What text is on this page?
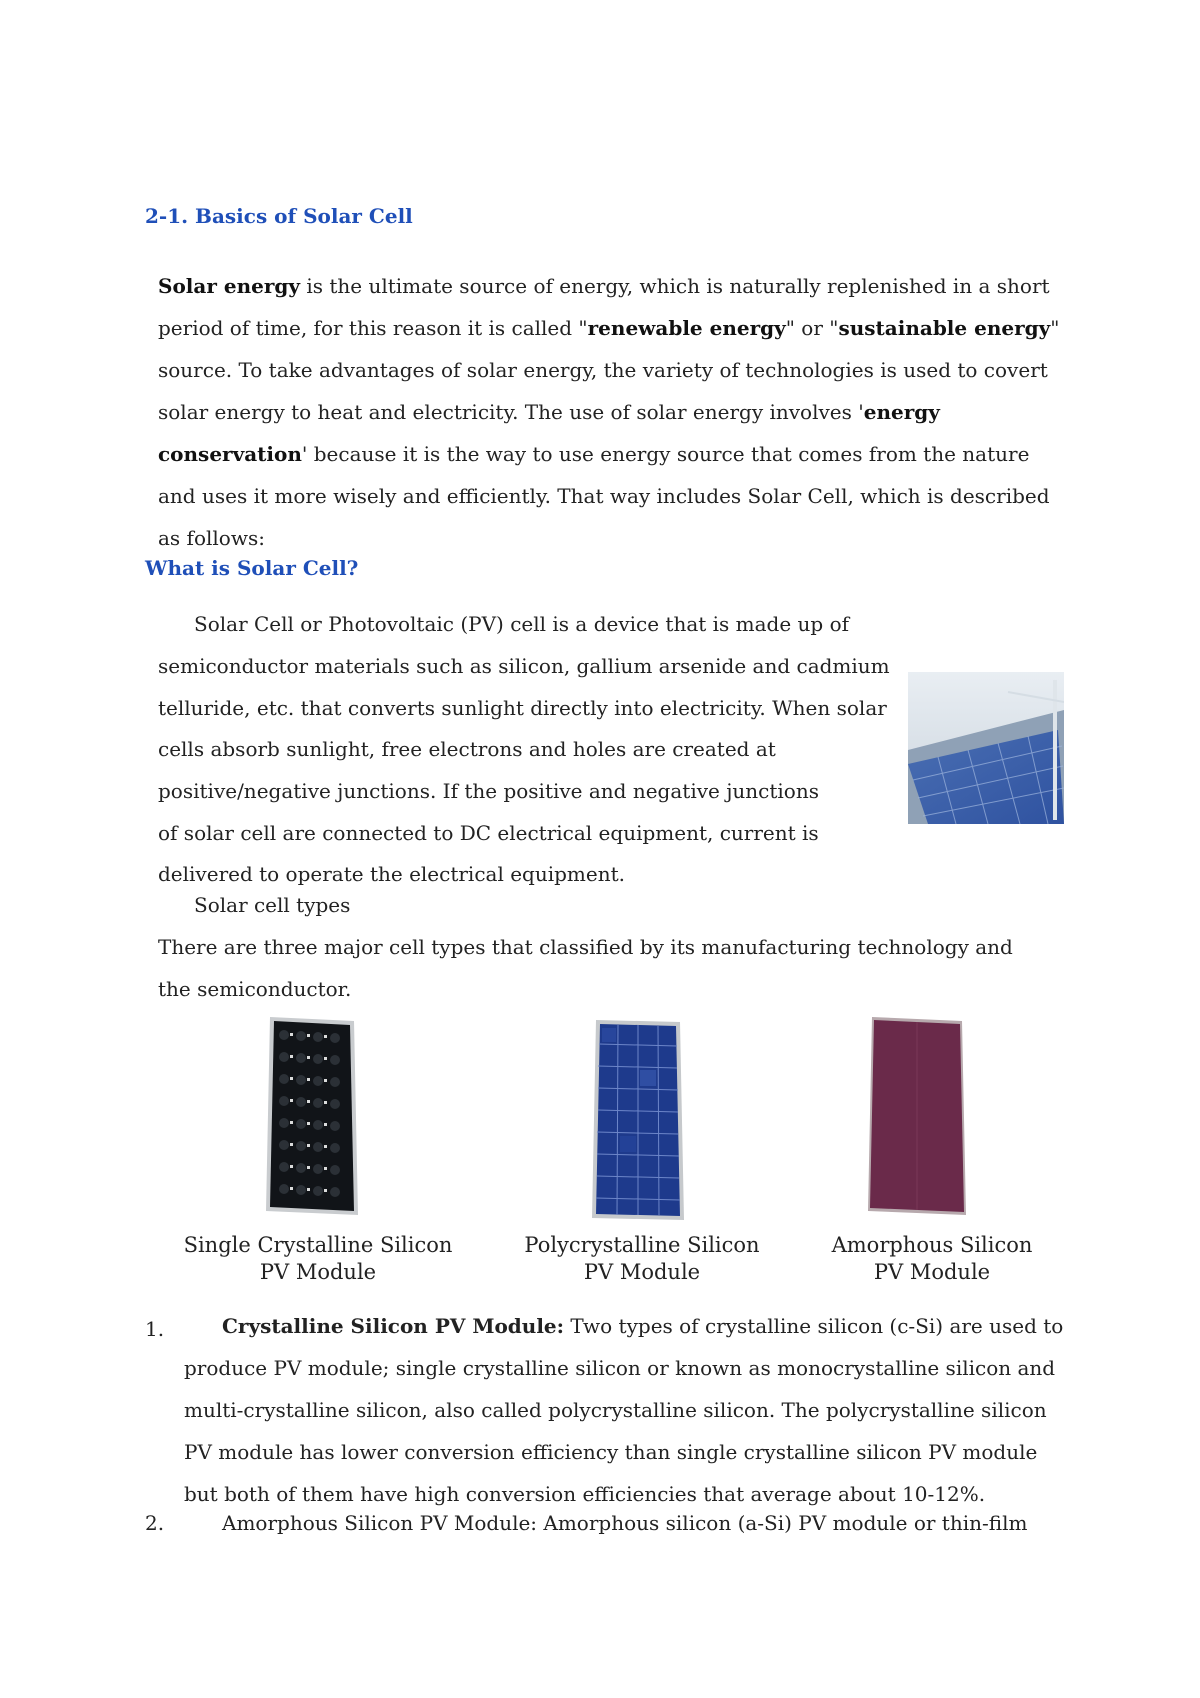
2-1. Basics of Solar Cell

Solar energy is the ultimate source of energy, which is naturally replenished in a short period of time, for this reason it is called "renewable energy" or "sustainable energy" source. To take advantages of solar energy, the variety of technologies is used to covert solar energy to heat and electricity. The use of solar energy involves 'energy conservation' because it is the way to use energy source that comes from the nature and uses it more wisely and efficiently. That way includes Solar Cell, which is described as follows:

What is Solar Cell?
Solar Cell or Photovoltaic (PV) cell is a device that is made up of
semiconductor materials such as silicon, gallium arsenide and cadmium
telluride, etc. that converts sunlight directly into electricity. When solar
cells absorb sunlight, free electrons and holes are created at
positive/negative junctions. If the positive and negative junctions
of solar cell are connected to DC electrical equipment, current is
delivered to operate the electrical equipment.
Solar cell types

There are three major cell types that classified by its manufacturing technology and the semiconductor.

Single Crystalline Silicon
PV Module
Polycrystalline Silicon
PV Module
Amorphous Silicon
PV Module
1.	Crystalline Silicon PV Module: Two types of crystalline silicon (c-Si) are used to produce PV module; single crystalline silicon or known as monocrystalline silicon and multi-crystalline silicon, also called polycrystalline silicon. The polycrystalline silicon PV module has lower conversion efficiency than single crystalline silicon PV module but both of them have high conversion efficiencies that average about 10-12%.

2.	Amorphous Silicon PV Module: Amorphous silicon (a-Si) PV module or thin-film
